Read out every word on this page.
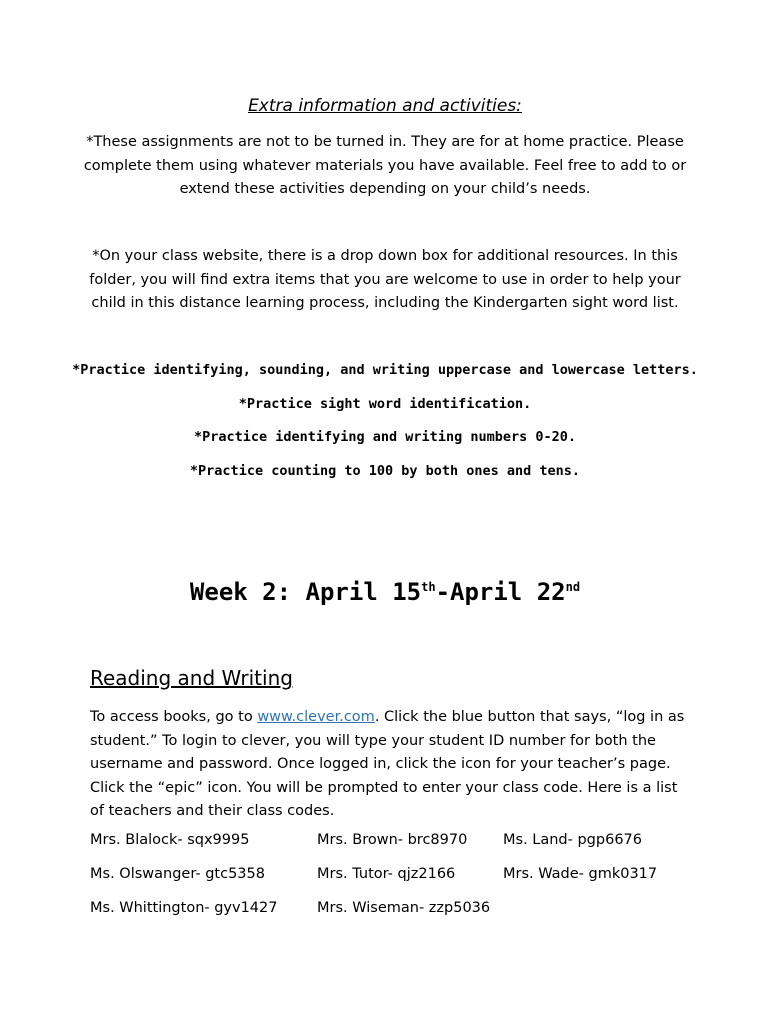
Extra information and activities:
*These assignments are not to be turned in. They are for at home practice. Please complete them using whatever materials you have available. Feel free to add to or extend these activities depending on your child’s needs.
*On your class website, there is a drop down box for additional resources. In this folder, you will find extra items that you are welcome to use in order to help your child in this distance learning process, including the Kindergarten sight word list.
*Practice identifying, sounding, and writing uppercase and lowercase letters.
*Practice sight word identification.
*Practice identifying and writing numbers 0-20.
*Practice counting to 100 by both ones and tens.
Week 2: April 15th-April 22nd
Reading and Writing
To access books, go to www.clever.com. Click the blue button that says, “log in as student.” To login to clever, you will type your student ID number for both the username and password. Once logged in, click the icon for your teacher’s page. Click the “epic” icon. You will be prompted to enter your class code. Here is a list of teachers and their class codes.
Mrs. Blalock- sqx9995	Mrs. Brown- brc8970 Ms. Land- pgp6676
Ms. Olswanger- gtc5358	Mrs. Tutor- qjz2166	Mrs. Wade- gmk0317
Ms. Whittington- gyv1427	Mrs. Wiseman- zzp5036
